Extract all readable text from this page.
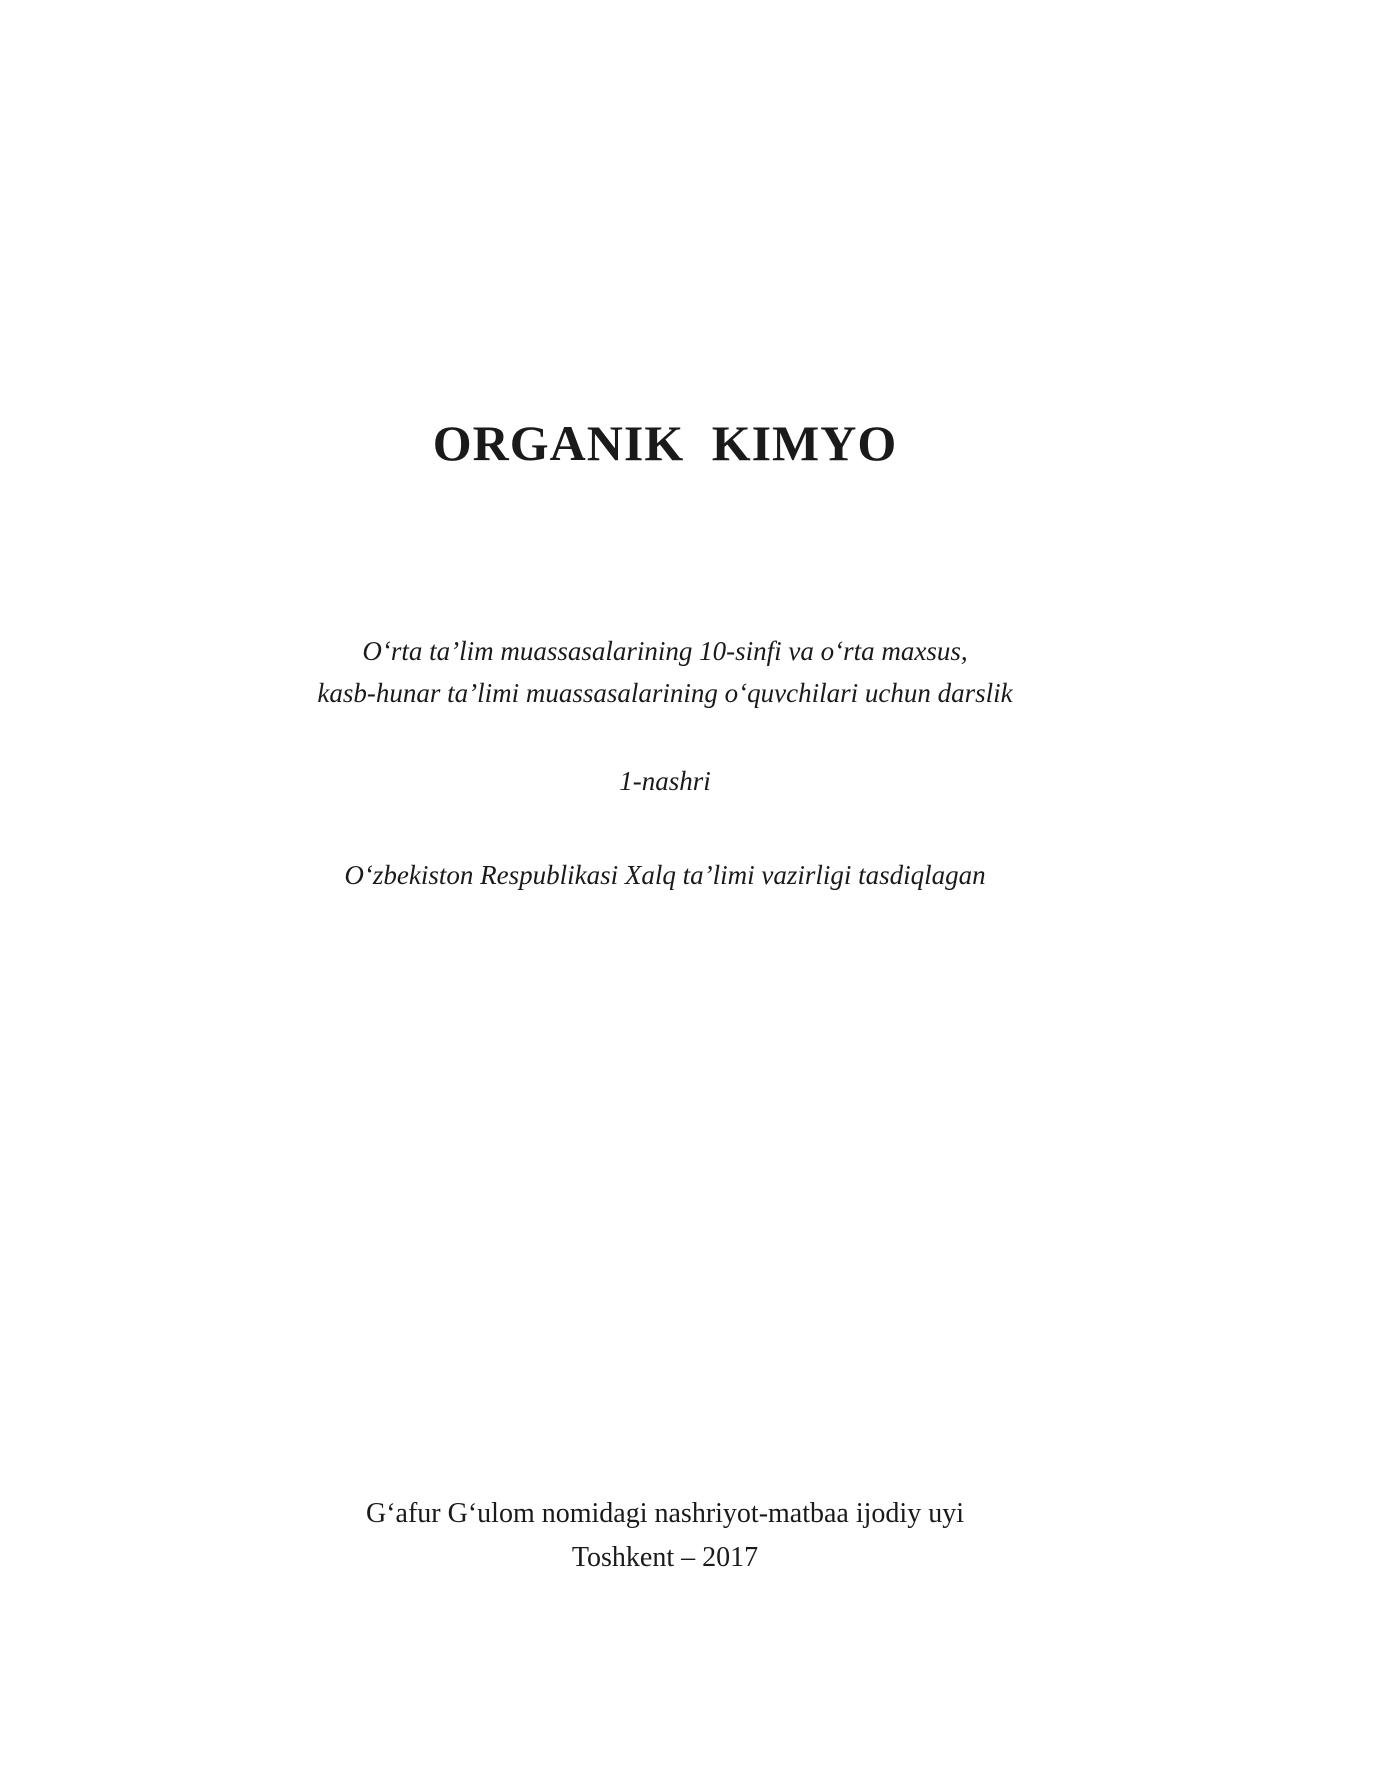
ORGANIK KIMYO

O‘rta ta’lim muassasalarining 10-sinfi va o‘rta maxsus,
kasb-hunar ta’limi muassasalarining o‘quvchilari uchun darslik

1-nashri

O‘zbekiston Respublikasi Xalq ta’limi vazirligi tasdiqlagan

G‘afur G‘ulom nomidagi nashriyot-matbaa ijodiy uyi
Toshkent – 2017
